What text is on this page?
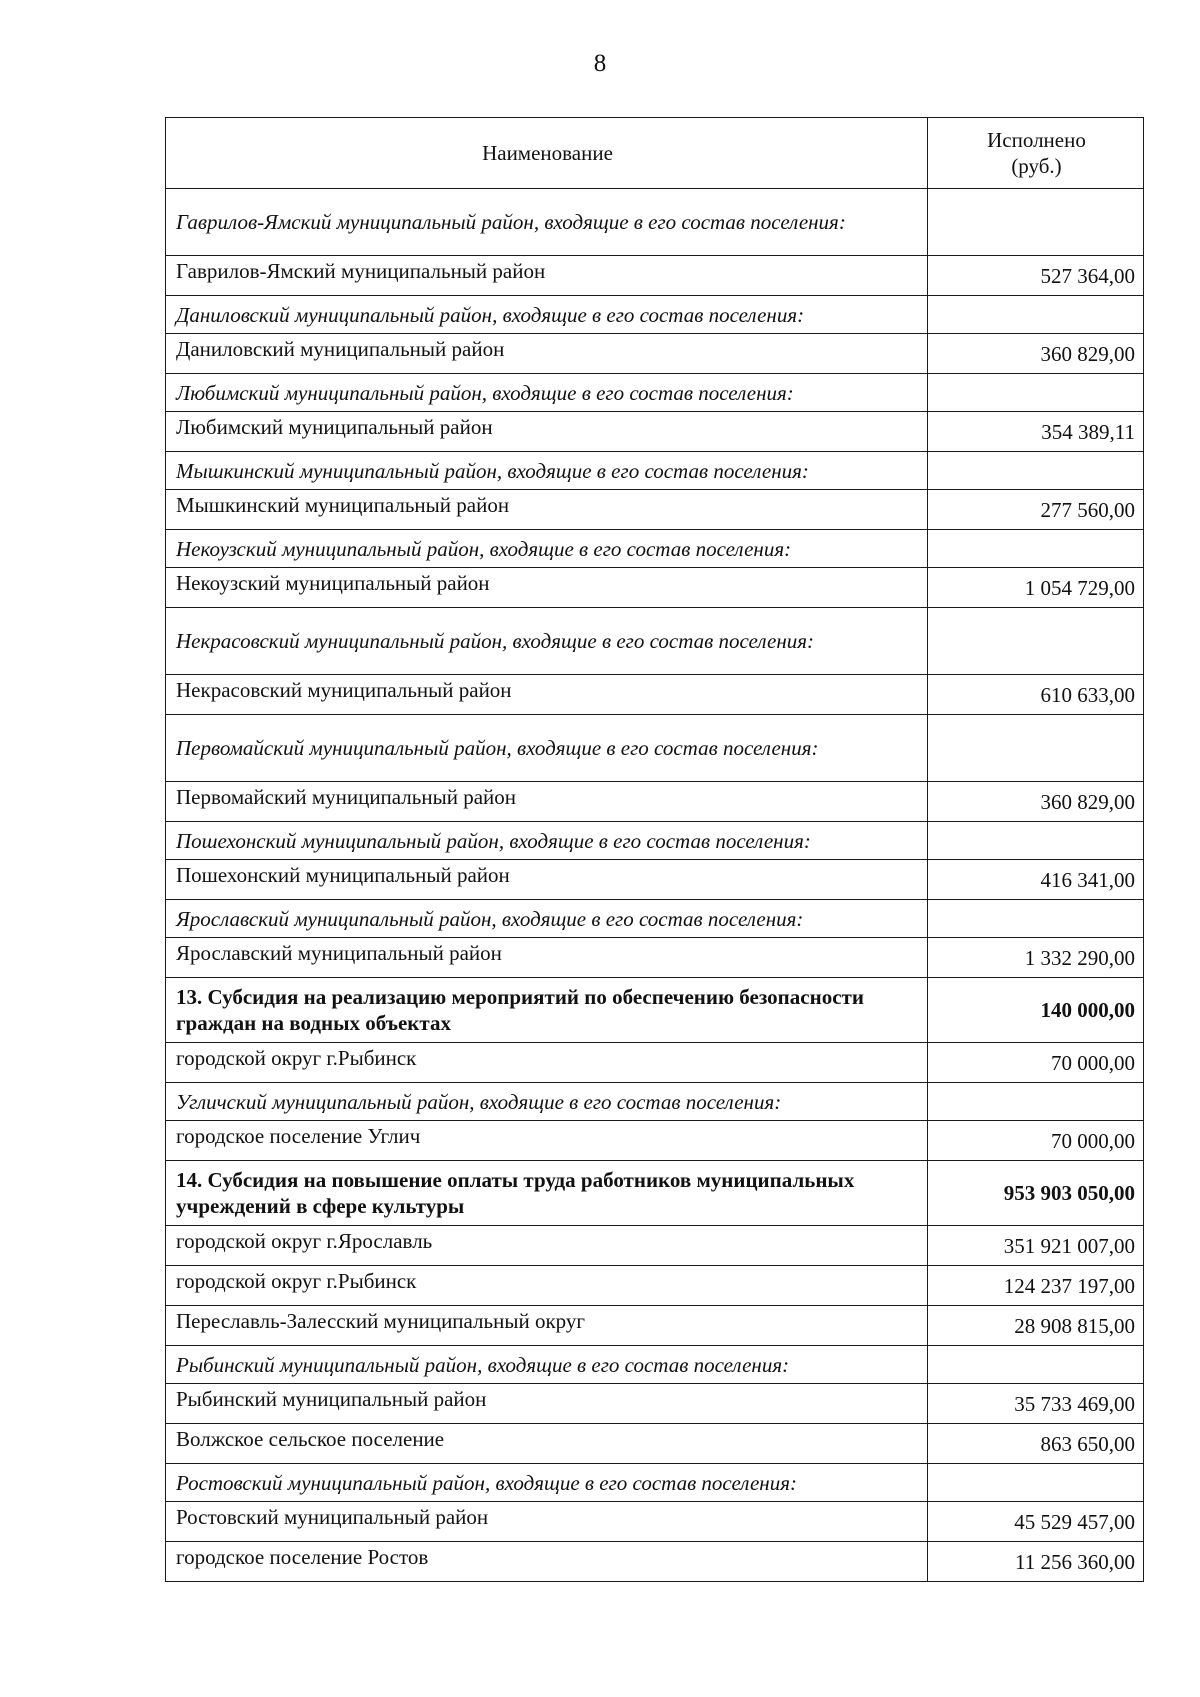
8
Наименование	Исполнено
(руб.)
Гаврилов-Ямский муниципальный район, входящие в его состав поселения:	
Гаврилов-Ямский муниципальный район	527 364,00
Даниловский муниципальный район, входящие в его состав поселения:	
Даниловский муниципальный район	360 829,00
Любимский муниципальный район, входящие в его состав поселения:	
Любимский муниципальный район	354 389,11
Мышкинский муниципальный район, входящие в его состав поселения:	
Мышкинский муниципальный район	277 560,00
Некоузский муниципальный район, входящие в его состав поселения:	
Некоузский муниципальный район	1 054 729,00
Некрасовский муниципальный район, входящие в его состав поселения:	
Некрасовский муниципальный район	610 633,00
Первомайский муниципальный район, входящие в его состав поселения:	
Первомайский муниципальный район	360 829,00
Пошехонский муниципальный район, входящие в его состав поселения:	
Пошехонский муниципальный район	416 341,00
Ярославский муниципальный район, входящие в его состав поселения:	
Ярославский муниципальный район	1 332 290,00
13. Субсидия на реализацию мероприятий по обеспечению безопасности граждан на водных объектах	140 000,00
городской округ г.Рыбинск	70 000,00
Угличский муниципальный район, входящие в его состав поселения:	
городское поселение Углич	70 000,00
14. Субсидия на повышение оплаты труда работников муниципальных учреждений в сфере культуры	953 903 050,00
городской округ г.Ярославль	351 921 007,00
городской округ г.Рыбинск	124 237 197,00
Переславль-Залесский муниципальный округ	28 908 815,00
Рыбинский муниципальный район, входящие в его состав поселения:	
Рыбинский муниципальный район	35 733 469,00
Волжское сельское поселение	863 650,00
Ростовский муниципальный район, входящие в его состав поселения:	
Ростовский муниципальный район	45 529 457,00
городское поселение Ростов	11 256 360,00
